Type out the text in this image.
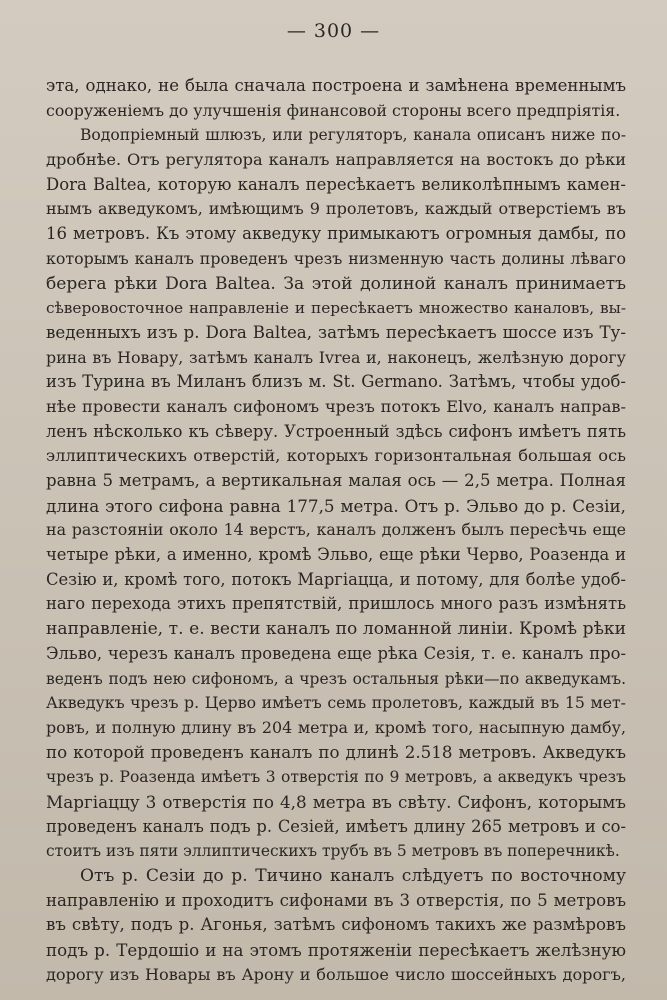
— 300 —
эта, однако, не была сначала построена и замѣнена временнымъ
сооруженіемъ до улучшенія финансовой стороны всего предпріятія.
Водопріемный шлюзъ, или регуляторъ, канала описанъ ниже по-
дробнѣе. Отъ регулятора каналъ направляется на востокъ до рѣки
Dora Baltea, которую каналъ пересѣкаетъ великолѣпнымъ камен-
нымъ акведукомъ, имѣющимъ 9 пролетовъ, каждый отверстіемъ въ
16 метровъ. Къ этому акведуку примыкаютъ огромныя дамбы, по
которымъ каналъ проведенъ чрезъ низменную часть долины лѣваго
берега рѣки Dora Baltea. За этой долиной каналъ принимаетъ
сѣверовосточное направленіе и пересѣкаетъ множество каналовъ, вы-
веденныхъ изъ р. Dora Baltea, затѣмъ пересѣкаетъ шоссе изъ Ту-
рина въ Новару, затѣмъ каналъ Ivrea и, наконецъ, желѣзную дорогу
изъ Турина въ Миланъ близъ м. St. Germano. Затѣмъ, чтобы удоб-
нѣе провести каналъ сифономъ чрезъ потокъ Elvo, каналъ направ-
ленъ нѣсколько къ сѣверу. Устроенный здѣсь сифонъ имѣетъ пять
эллиптическихъ отверстій, которыхъ горизонтальная большая ось
равна 5 метрамъ, а вертикальная малая ось — 2,5 метра. Полная
длина этого сифона равна 177,5 метра. Отъ р. Эльво до р. Сезіи,
на разстояніи около 14 верстъ, каналъ долженъ былъ пересѣчь еще
четыре рѣки, а именно, кромѣ Эльво, еще рѣки Черво, Роазенда и
Сезію и, кромѣ того, потокъ Маргіацца, и потому, для болѣе удоб-
наго перехода этихъ препятствій, пришлось много разъ измѣнять
направленіе, т. е. вести каналъ по ломанной линіи. Кромѣ рѣки
Эльво, черезъ каналъ проведена еще рѣка Сезія, т. е. каналъ про-
веденъ подъ нею сифономъ, а чрезъ остальныя рѣки—по акведукамъ.
Акведукъ чрезъ р. Церво имѣетъ семь пролетовъ, каждый въ 15 мет-
ровъ, и полную длину въ 204 метра и, кромѣ того, насыпную дамбу,
по которой проведенъ каналъ по длинѣ 2.518 метровъ. Акведукъ
чрезъ р. Роазенда имѣетъ 3 отверстія по 9 метровъ, а акведукъ чрезъ
Маргіаццу 3 отверстія по 4,8 метра въ свѣту. Сифонъ, которымъ
проведенъ каналъ подъ р. Сезіей, имѣетъ длину 265 метровъ и со-
стоитъ изъ пяти эллиптическихъ трубъ въ 5 метровъ въ поперечникѣ.
Отъ р. Сезіи до р. Тичино каналъ слѣдуетъ по восточному
направленію и проходитъ сифонами въ 3 отверстія, по 5 метровъ
въ свѣту, подъ р. Агонья, затѣмъ сифономъ такихъ же размѣровъ
подъ р. Тердошіо и на этомъ протяженіи пересѣкаетъ желѣзную
дорогу изъ Новары въ Арону и большое число шоссейныхъ дорогъ,
